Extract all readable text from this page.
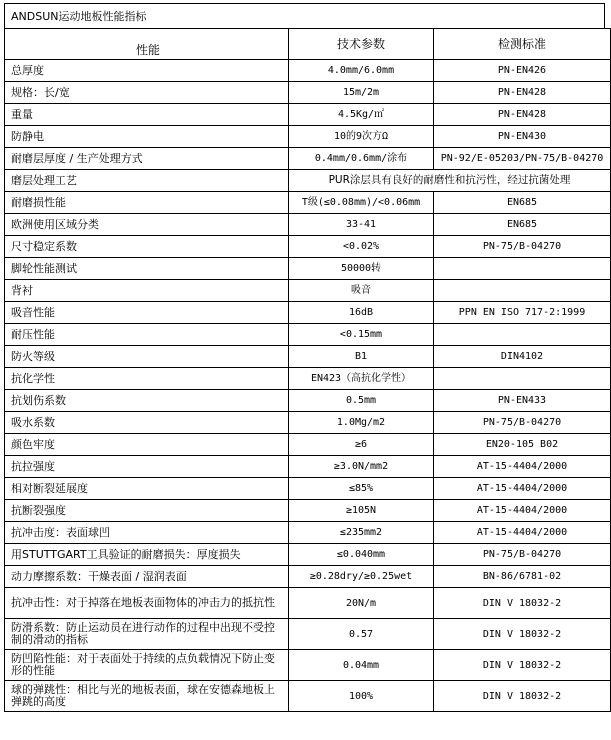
ANDSUN运动地板性能指标
性能	技术参数	检测标准
总厚度	4.0mm/6.0mm	PN-EN426
规格：长/宽	15m/2m	PN-EN428
重量	4.5Kg/㎡	PN-EN428
防静电	10的9次方Ω	PN-EN430
耐磨层厚度 / 生产处理方式	0.4mm/0.6mm/涂布	PN-92/E-05203/PN-75/B-04270
磨层处理工艺	PUR涂层具有良好的耐磨性和抗污性，经过抗菌处理	
耐磨损性能	T级(≤0.08mm)/<0.06mm	EN685
欧洲使用区域分类	33-41	EN685
尺寸稳定系数	<0.02%	PN-75/B-04270
脚轮性能测试	50000转	
背衬	吸音	
吸音性能	16dB	PPN EN ISO 717-2:1999
耐压性能	<0.15mm	
防火等级	B1	DIN4102
抗化学性	EN423（高抗化学性）	
抗划伤系数	0.5mm	PN-EN433
吸水系数	1.0Mg/m2	PN-75/B-04270
颜色牢度	≥6	EN20-105 B02
抗拉强度	≥3.0N/mm2	AT-15-4404/2000
相对断裂延展度	≤85%	AT-15-4404/2000
抗断裂强度	≥105N	AT-15-4404/2000
抗冲击度：表面球凹	≤235mm2	AT-15-4404/2000
用STUTTGART工具验证的耐磨损失：厚度损失	≤0.040mm	PN-75/B-04270
动力摩擦系数：干燥表面 / 湿润表面	≥0.28dry/≥0.25wet	BN-86/6781-02
抗冲击性：对于掉落在地板表面物体的冲击力的抵抗性	20N/m	DIN V 18032-2
防滑系数：防止运动员在进行动作的过程中出现不受控制的滑动的指标	0.57	DIN V 18032-2
防凹陷性能：对于表面处于持续的点负载情况下防止变形的性能	0.04mm	DIN V 18032-2
球的弹跳性：相比与光的地板表面，球在安德森地板上弹跳的高度	100%	DIN V 18032-2
